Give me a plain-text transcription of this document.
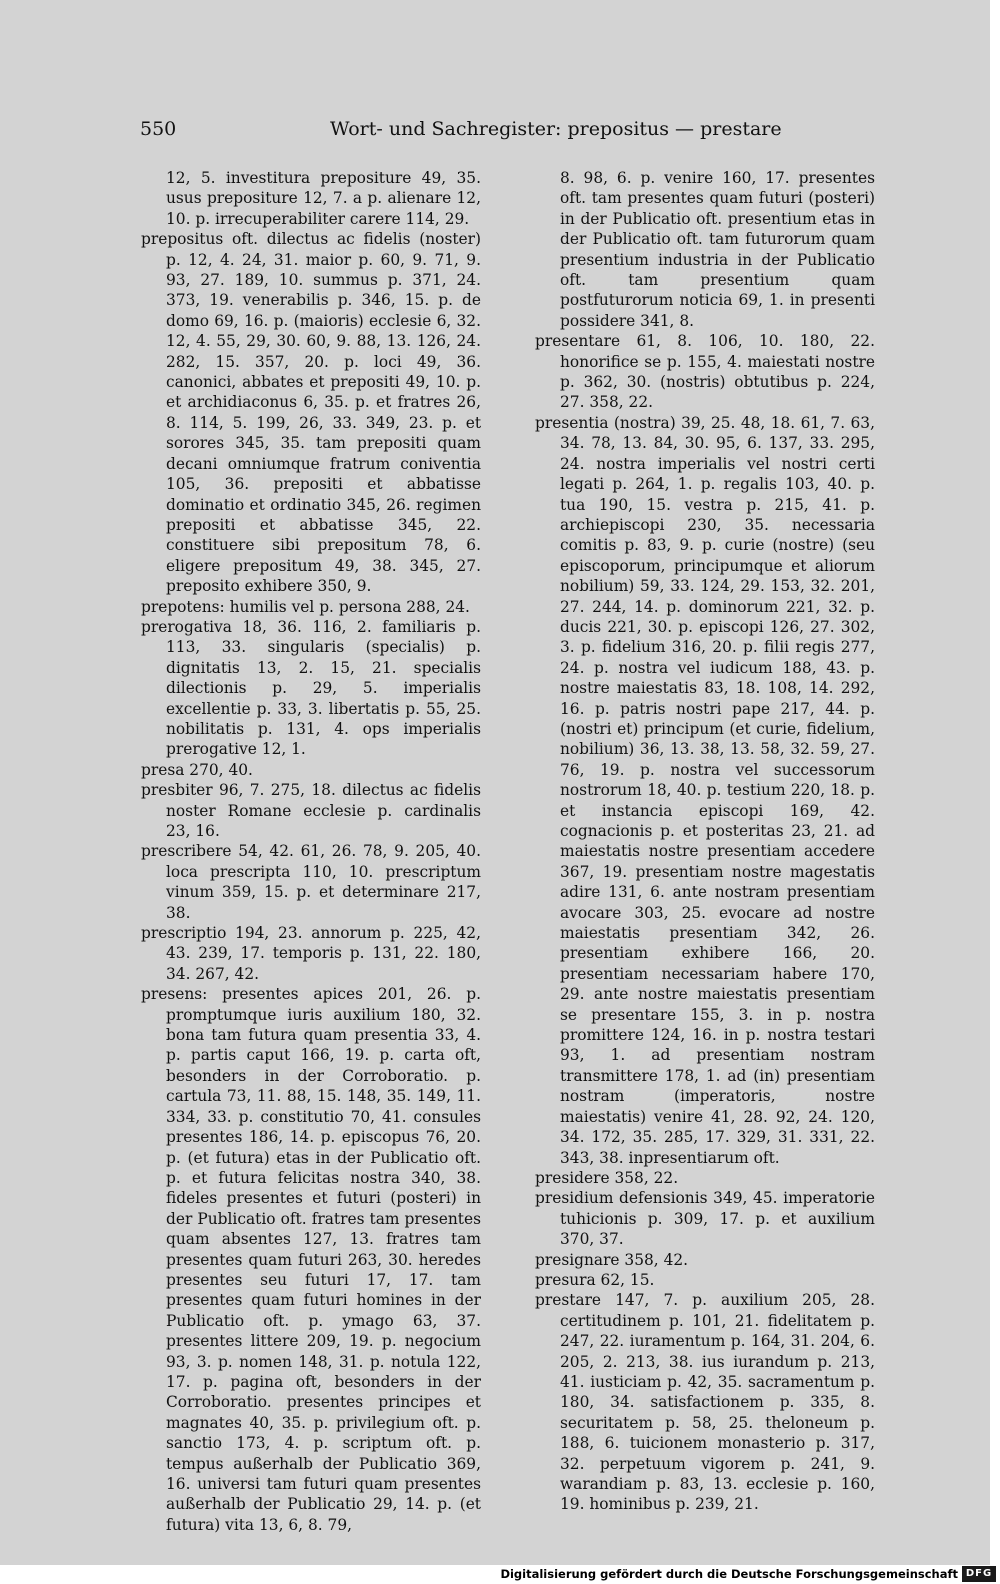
550	Wort- und Sachregister: prepositus — prestare

12, 5. investitura prepositure 49, 35. usus prepositure 12, 7. a p. alienare 12, 10. p. irrecuperabiliter carere 114, 29.

prepositus oft. dilectus ac fidelis (noster) p. 12, 4. 24, 31. maior p. 60, 9. 71, 9. 93, 27. 189, 10. summus p. 371, 24. 373, 19. venerabilis p. 346, 15. p. de domo 69, 16. p. (maioris) ecclesie 6, 32. 12, 4. 55, 29, 30. 60, 9. 88, 13. 126, 24. 282, 15. 357, 20. p. loci 49, 36. canonici, abbates et prepositi 49, 10. p. et archidiaconus 6, 35. p. et fratres 26, 8. 114, 5. 199, 26, 33. 349, 23. p. et sorores 345, 35. tam prepositi quam decani omniumque fratrum coniventia 105, 36. prepositi et abbatisse dominatio et ordinatio 345, 26. regimen prepositi et abbatisse 345, 22. constituere sibi prepositum 78, 6. eligere prepositum 49, 38. 345, 27. preposito exhibere 350, 9.

prepotens: humilis vel p. persona 288, 24.

prerogativa 18, 36. 116, 2. familiaris p. 113, 33. singularis (specialis) p. dignitatis 13, 2. 15, 21. specialis dilectionis p. 29, 5. imperialis excellentie p. 33, 3. libertatis p. 55, 25. nobilitatis p. 131, 4. ops imperialis prerogative 12, 1.

presa 270, 40.

presbiter 96, 7. 275, 18. dilectus ac fidelis noster Romane ecclesie p. cardinalis 23, 16.

prescribere 54, 42. 61, 26. 78, 9. 205, 40. loca prescripta 110, 10. prescriptum vinum 359, 15. p. et determinare 217, 38.

prescriptio 194, 23. annorum p. 225, 42, 43. 239, 17. temporis p. 131, 22. 180, 34. 267, 42.

presens: presentes apices 201, 26. p. promptumque iuris auxilium 180, 32. bona tam futura quam presentia 33, 4. p. partis caput 166, 19. p. carta oft, besonders in der Corroboratio. p. cartula 73, 11. 88, 15. 148, 35. 149, 11. 334, 33. p. constitutio 70, 41. consules presentes 186, 14. p. episcopus 76, 20. p. (et futura) etas in der Publicatio oft. p. et futura felicitas nostra 340, 38. fideles presentes et futuri (posteri) in der Publicatio oft. fratres tam presentes quam absentes 127, 13. fratres tam presentes quam futuri 263, 30. heredes presentes seu futuri 17, 17. tam presentes quam futuri homines in der Publicatio oft. p. ymago 63, 37. presentes littere 209, 19. p. negocium 93, 3. p. nomen 148, 31. p. notula 122, 17. p. pagina oft, besonders in der Corroboratio. presentes principes et magnates 40, 35. p. privilegium oft. p. sanctio 173, 4. p. scriptum oft. p. tempus außerhalb der Publicatio 369, 16. universi tam futuri quam presentes außerhalb der Publicatio 29, 14. p. (et futura) vita 13, 6, 8. 79,

8. 98, 6. p. venire 160, 17. presentes oft. tam presentes quam futuri (posteri) in der Publicatio oft. presentium etas in der Publicatio oft. tam futurorum quam presentium industria in der Publicatio oft. tam presentium quam postfuturorum noticia 69, 1. in presenti possidere 341, 8.

presentare 61, 8. 106, 10. 180, 22. honorifice se p. 155, 4. maiestati nostre p. 362, 30. (nostris) obtutibus p. 224, 27. 358, 22.

presentia (nostra) 39, 25. 48, 18. 61, 7. 63, 34. 78, 13. 84, 30. 95, 6. 137, 33. 295, 24. nostra imperialis vel nostri certi legati p. 264, 1. p. regalis 103, 40. p. tua 190, 15. vestra p. 215, 41. p. archiepiscopi 230, 35. necessaria comitis p. 83, 9. p. curie (nostre) (seu episcoporum, principumque et aliorum nobilium) 59, 33. 124, 29. 153, 32. 201, 27. 244, 14. p. dominorum 221, 32. p. ducis 221, 30. p. episcopi 126, 27. 302, 3. p. fidelium 316, 20. p. filii regis 277, 24. p. nostra vel iudicum 188, 43. p. nostre maiestatis 83, 18. 108, 14. 292, 16. p. patris nostri pape 217, 44. p. (nostri et) principum (et curie, fidelium, nobilium) 36, 13. 38, 13. 58, 32. 59, 27. 76, 19. p. nostra vel successorum nostrorum 18, 40. p. testium 220, 18. p. et instancia episcopi 169, 42. cognacionis p. et posteritas 23, 21. ad maiestatis nostre presentiam accedere 367, 19. presentiam nostre magestatis adire 131, 6. ante nostram presentiam avocare 303, 25. evocare ad nostre maiestatis presentiam 342, 26. presentiam exhibere 166, 20. presentiam necessariam habere 170, 29. ante nostre maiestatis presentiam se presentare 155, 3. in p. nostra promittere 124, 16. in p. nostra testari 93, 1. ad presentiam nostram transmittere 178, 1. ad (in) presentiam nostram (imperatoris, nostre maiestatis) venire 41, 28. 92, 24. 120, 34. 172, 35. 285, 17. 329, 31. 331, 22. 343, 38. inpresentiarum oft.

presidere 358, 22.

presidium defensionis 349, 45. imperatorie tuhicionis p. 309, 17. p. et auxilium 370, 37.

presignare 358, 42.

presura 62, 15.

prestare 147, 7. p. auxilium 205, 28. certitudinem p. 101, 21. fidelitatem p. 247, 22. iuramentum p. 164, 31. 204, 6. 205, 2. 213, 38. ius iurandum p. 213, 41. iusticiam p. 42, 35. sacramentum p. 180, 34. satisfactionem p. 335, 8. securitatem p. 58, 25. theloneum p. 188, 6. tuicionem monasterio p. 317, 32. perpetuum vigorem p. 241, 9. warandiam p. 83, 13. ecclesie p. 160, 19. hominibus p. 239, 21.

Digitalisierung gefördert durch die Deutsche Forschungsgemeinschaft DFG
